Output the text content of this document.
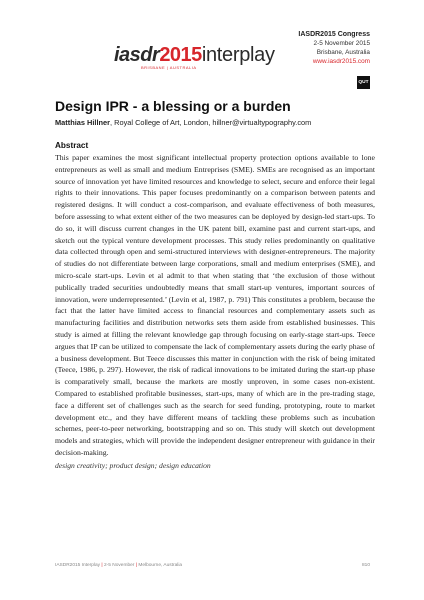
iasdr 2015 interplay
BRISBANE | AUSTRALIA
IASDR2015 Congress
2-5 November 2015
Brisbane, Australia
www.iasdr2015.com
QUT
Design IPR - a blessing or a burden
Matthias Hillner, Royal College of Art, London, hillner@virtualtypography.com
Abstract

This paper examines the most significant intellectual property protection options available to lone entrepreneurs as well as small and medium Entreprises (SME). SMEs are recognised as an important source of innovation yet have limited resources and knowledge to select, secure and enforce their legal rights to their innovations. This paper focuses predominantly on a comparison between patents and registered designs. It will conduct a cost-comparison, and evaluate effectiveness of both measures, before assessing to what extent either of the two measures can be deployed by design-led start-ups. To do so, it will discuss current changes in the UK patent bill, examine past and current start-ups, and sketch out the typical venture development processes. This study relies predominantly on qualitative data collected through open and semi-structured interviews with designer-entrepreneurs. The majority of studies do not differentiate between large corporations, small and medium enterprises (SME), and micro-scale start-ups. Levin et al admit to that when stating that ‘the exclusion of those without publically traded securities undoubtedly means that small start-up ventures, important sources of innovation, were underrepresented.’ (Levin et al, 1987, p. 791) This constitutes a problem, because the fact that the latter have limited access to financial resources and complementary assets such as manufacturing facilities and distribution networks sets them aside from established businesses. This study is aimed at filling the relevant knowledge gap through focusing on early-stage start-ups. Teece argues that IP can be utilized to compensate the lack of complementary assets during the early phase of a business development. But Teece discusses this matter in conjunction with the risk of being imitated (Teece, 1986, p. 297). However, the risk of radical innovations to be imitated during the start-up phase is comparatively small, because the markets are mostly unproven, in some cases non-existent. Compared to established profitable businesses, start-ups, many of which are in the pre-trading stage, face a different set of challenges such as the search for seed funding, prototyping, route to market development etc., and they have different means of tackling these problems such as incubation schemes, peer-to-peer networking, bootstrapping and so on. This study will sketch out development models and strategies, which will provide the independent designer entrepreneur with guidance in their decision-making.

design creativity; product design; design education
IASDR2015 Interplay | 2-5 November | Melbourne, Australia	810
